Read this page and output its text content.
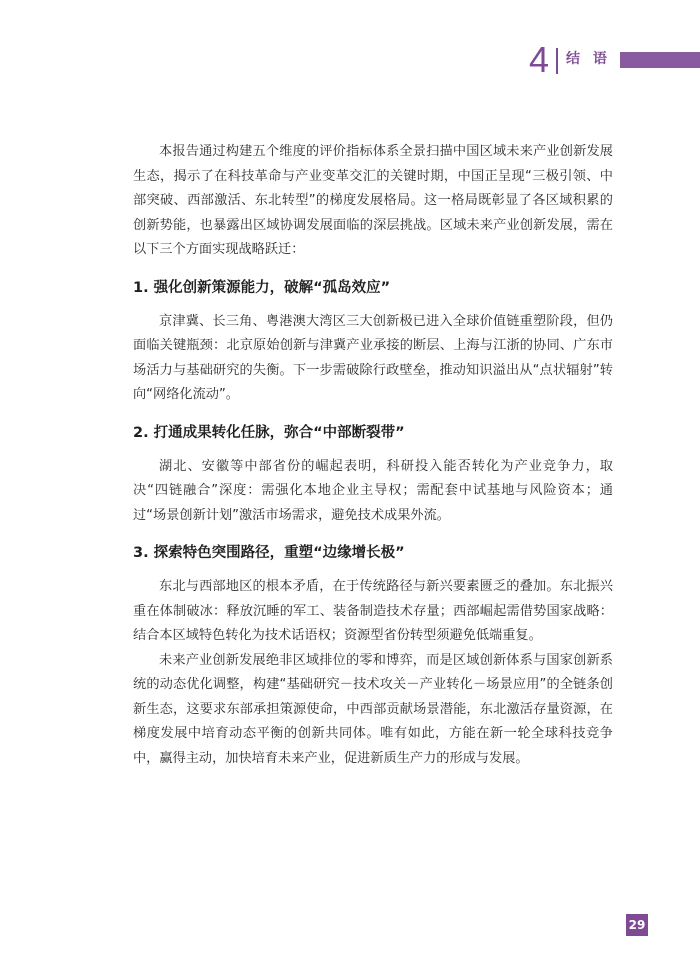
4 结 语

本报告通过构建五个维度的评价指标体系全景扫描中国区域未来产业创新发展生态，揭示了在科技革命与产业变革交汇的关键时期，中国正呈现“三极引领、中部突破、西部激活、东北转型”的梯度发展格局。这一格局既彰显了各区域积累的创新势能，也暴露出区域协调发展面临的深层挑战。区域未来产业创新发展，需在以下三个方面实现战略跃迁：

1. 强化创新策源能力，破解“孤岛效应”

京津冀、长三角、粤港澳大湾区三大创新极已进入全球价值链重塑阶段，但仍面临关键瓶颈：北京原始创新与津冀产业承接的断层、上海与江浙的协同、广东市场活力与基础研究的失衡。下一步需破除行政壁垒，推动知识溢出从“点状辐射”转向“网络化流动”。

2. 打通成果转化任脉，弥合“中部断裂带”

湖北、安徽等中部省份的崛起表明，科研投入能否转化为产业竞争力，取决“四链融合”深度：需强化本地企业主导权；需配套中试基地与风险资本；通过“场景创新计划”激活市场需求，避免技术成果外流。

3. 探索特色突围路径，重塑“边缘增长极”

东北与西部地区的根本矛盾，在于传统路径与新兴要素匮乏的叠加。东北振兴重在体制破冰：释放沉睡的军工、装备制造技术存量；西部崛起需借势国家战略：结合本区域特色转化为技术话语权；资源型省份转型须避免低端重复。

未来产业创新发展绝非区域排位的零和博弈，而是区域创新体系与国家创新系统的动态优化调整，构建“基础研究－技术攻关－产业转化－场景应用”的全链条创新生态，这要求东部承担策源使命，中西部贡献场景潜能，东北激活存量资源，在梯度发展中培育动态平衡的创新共同体。唯有如此，方能在新一轮全球科技竞争中，赢得主动，加快培育未来产业，促进新质生产力的形成与发展。

29
